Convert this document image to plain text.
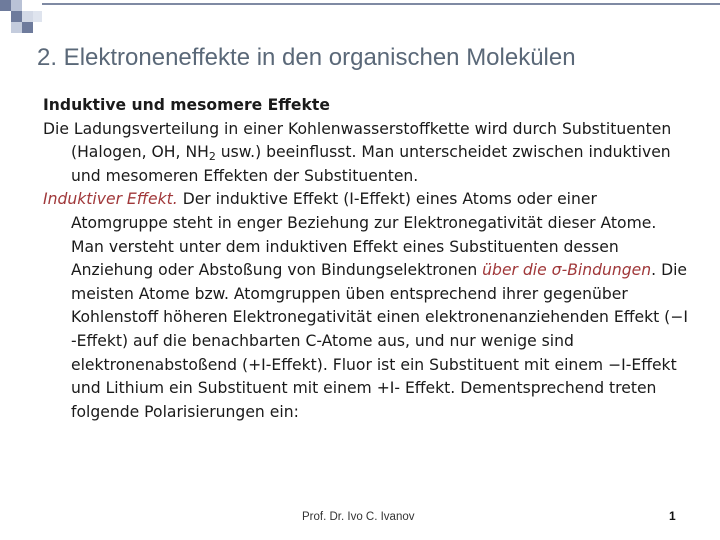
2. Elektroneneffekte in den organischen Molekülen

Induktive und mesomere Effekte

Die Ladungsverteilung in einer Kohlenwasserstoffkette wird durch Substituenten (Halogen, OH, $NH_2$ usw.) beeinflusst. Man unterscheidet zwischen induktiven und mesomeren Effekten der Substituenten.

Induktiver Effekt. Der induktive Effekt (I-Effekt) eines Atoms oder einer Atomgruppe steht in enger Beziehung zur Elektronegativität dieser Atome. Man versteht unter dem induktiven Effekt eines Substituenten dessen Anziehung oder Abstoßung von Bindungselektronen über die σ-Bindungen. Die meisten Atome bzw. Atomgruppen üben entsprechend ihrer gegenüber Kohlenstoff höheren Elektronegativität einen elektronenanziehenden Effekt (−I -Effekt) auf die benachbarten C-Atome aus, und nur wenige sind elektronenabstoßend (+I-Effekt). Fluor ist ein Substituent mit einem −I-Effekt und Lithium ein Substituent mit einem +I- Effekt. Dementsprechend treten folgende Polarisierungen ein:

Prof. Dr. Ivo C. Ivanov	1
